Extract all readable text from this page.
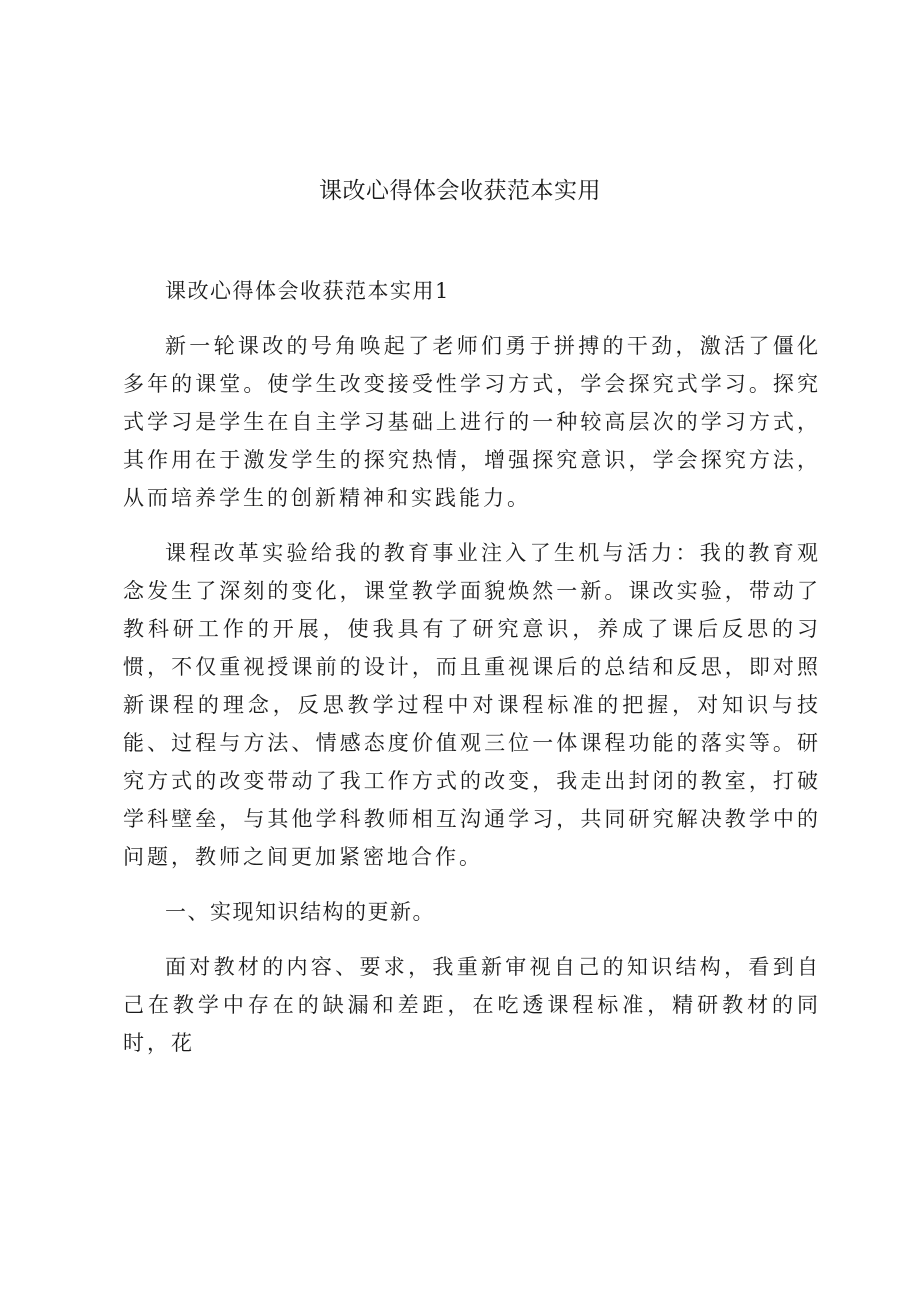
课改心得体会收获范本实用

课改心得体会收获范本实用1

新一轮课改的号角唤起了老师们勇于拼搏的干劲，激活了僵化多年的课堂。使学生改变接受性学习方式，学会探究式学习。探究式学习是学生在自主学习基础上进行的一种较高层次的学习方式，其作用在于激发学生的探究热情，增强探究意识，学会探究方法，从而培养学生的创新精神和实践能力。

课程改革实验给我的教育事业注入了生机与活力：我的教育观念发生了深刻的变化，课堂教学面貌焕然一新。课改实验，带动了教科研工作的开展，使我具有了研究意识，养成了课后反思的习惯，不仅重视授课前的设计，而且重视课后的总结和反思，即对照新课程的理念，反思教学过程中对课程标准的把握，对知识与技能、过程与方法、情感态度价值观三位一体课程功能的落实等。研究方式的改变带动了我工作方式的改变，我走出封闭的教室，打破学科壁垒，与其他学科教师相互沟通学习，共同研究解决教学中的问题，教师之间更加紧密地合作。

一、实现知识结构的更新。

面对教材的内容、要求，我重新审视自己的知识结构，看到自己在教学中存在的缺漏和差距，在吃透课程标准，精研教材的同时，花
